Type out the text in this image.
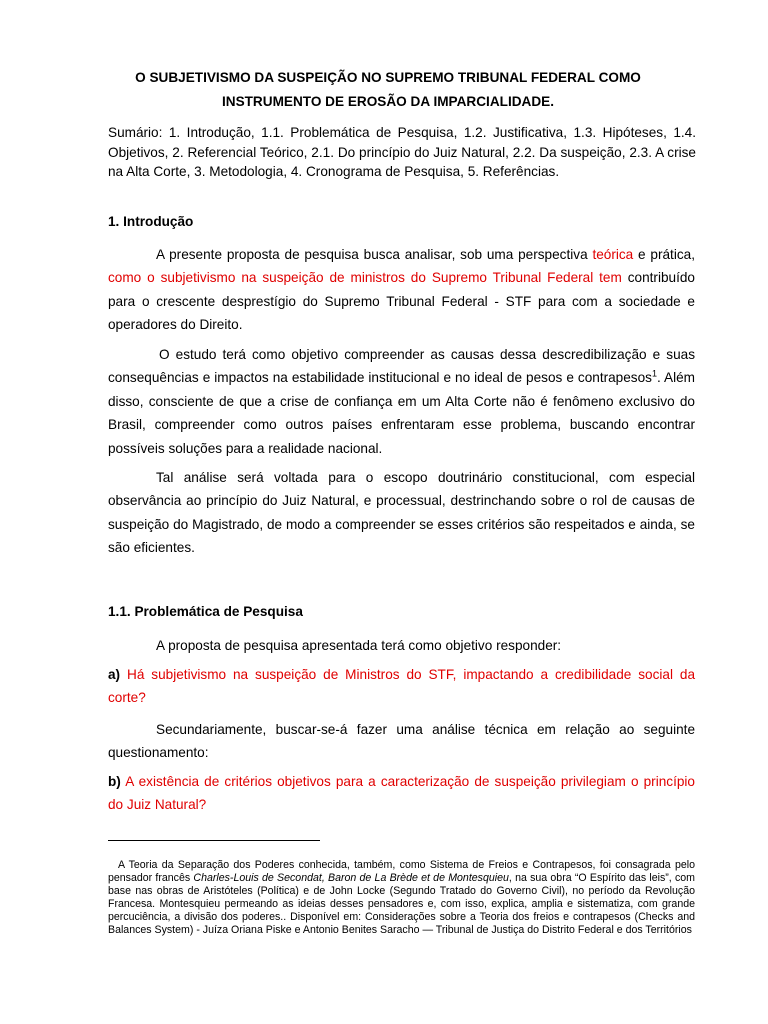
O SUBJETIVISMO DA SUSPEIÇÃO NO SUPREMO TRIBUNAL FEDERAL COMO
INSTRUMENTO DE EROSÃO DA IMPARCIALIDADE.
Sumário: 1. Introdução, 1.1. Problemática de Pesquisa, 1.2. Justificativa, 1.3. Hipóteses, 1.4. Objetivos, 2. Referencial Teórico, 2.1. Do princípio do Juiz Natural, 2.2. Da suspeição, 2.3. A crise na Alta Corte, 3. Metodologia, 4. Cronograma de Pesquisa, 5. Referências.
1. Introdução

A presente proposta de pesquisa busca analisar, sob uma perspectiva teórica e prática, como o subjetivismo na suspeição de ministros do Supremo Tribunal Federal tem contribuído para o crescente desprestígio do Supremo Tribunal Federal - STF para com a sociedade e operadores do Direito.

O estudo terá como objetivo compreender as causas dessa descredibilização e suas consequências e impactos na estabilidade institucional e no ideal de pesos e contrapesos$^1$. Além disso, consciente de que a crise de confiança em um Alta Corte não é fenômeno exclusivo do Brasil, compreender como outros países enfrentaram esse problema, buscando encontrar possíveis soluções para a realidade nacional.

Tal análise será voltada para o escopo doutrinário constitucional, com especial observância ao princípio do Juiz Natural, e processual, destrinchando sobre o rol de causas de suspeição do Magistrado, de modo a compreender se esses critérios são respeitados e ainda, se são eficientes.

1.1. Problemática de Pesquisa

A proposta de pesquisa apresentada terá como objetivo responder:

a) Há subjetivismo na suspeição de Ministros do STF, impactando a credibilidade social da corte?

Secundariamente, buscar-se-á fazer uma análise técnica em relação ao seguinte questionamento:

b) A existência de critérios objetivos para a caracterização de suspeição privilegiam o princípio do Juiz Natural?

A Teoria da Separação dos Poderes conhecida, também, como Sistema de Freios e Contrapesos, foi consagrada pelo pensador francês Charles-Louis de Secondat, Baron de La Brède et de Montesquieu, na sua obra “O Espírito das leis”, com base nas obras de Aristóteles (Política) e de John Locke (Segundo Tratado do Governo Civil), no período da Revolução Francesa. Montesquieu permeando as ideias desses pensadores e, com isso, explica, amplia e sistematiza, com grande percuciência, a divisão dos poderes.. Disponível em: Considerações sobre a Teoria dos freios e contrapesos (Checks and Balances System) - Juíza Oriana Piske e Antonio Benites Saracho — Tribunal de Justiça do Distrito Federal e dos Territórios
